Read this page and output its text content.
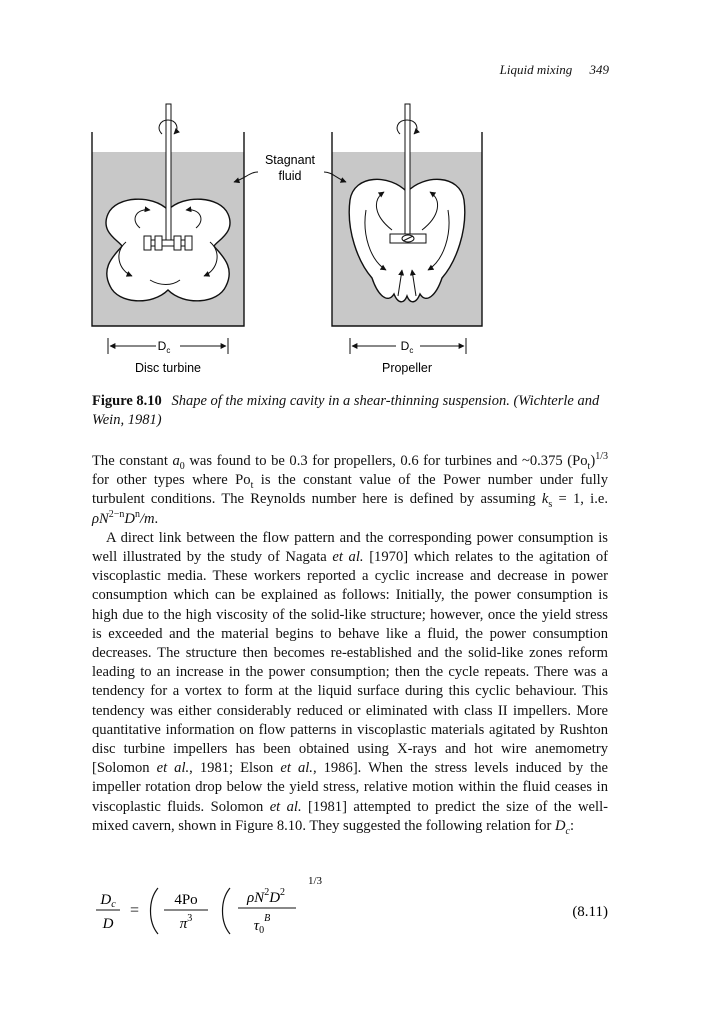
Liquid mixing 349
Stagnant
fluid
$D_c$	$D_c$
Disc turbine	Propeller
Figure 8.10 Shape of the mixing cavity in a shear-thinning suspension. (Wichterle and Wein, 1981)

The constant $a_0$ was found to be 0.3 for propellers, 0.6 for turbines and ~0.375 $(Po_t)^{1/3}$ for other types where $Po_t$ is the constant value of the Power number under fully turbulent conditions. The Reynolds number here is defined by assuming $k_s = 1$, i.e. $\rho N^{2-n}D^n/m$.

A direct link between the flow pattern and the corresponding power consumption is well illustrated by the study of Nagata et al. [1970] which relates to the agitation of viscoplastic media. These workers reported a cyclic increase and decrease in power consumption which can be explained as follows: Initially, the power consumption is high due to the high viscosity of the solid-like structure; however, once the yield stress is exceeded and the material begins to behave like a fluid, the power consumption decreases. The structure then becomes re-established and the solid-like zones reform leading to an increase in the power consumption; then the cycle repeats. There was a tendency for a vortex to form at the liquid surface during this cyclic behaviour. This tendency was either considerably reduced or eliminated with class II impellers. More quantitative information on flow patterns in viscoplastic materials agitated by Rushton disc turbine impellers has been obtained using X-rays and hot wire anemometry [Solomon et al., 1981; Elson et al., 1986]. When the stress levels induced by the impeller rotation drop below the yield stress, relative motion within the fluid ceases in viscoplastic fluids. Solomon et al. [1981] attempted to predict the size of the well-mixed cavern, shown in Figure 8.10. They suggested the following relation for $D_c$:

$D_c$
D
=
4Po
$\pi^3$
$\rho N^2D^2$
$\tau_0^B$
1/3
(8.11)
